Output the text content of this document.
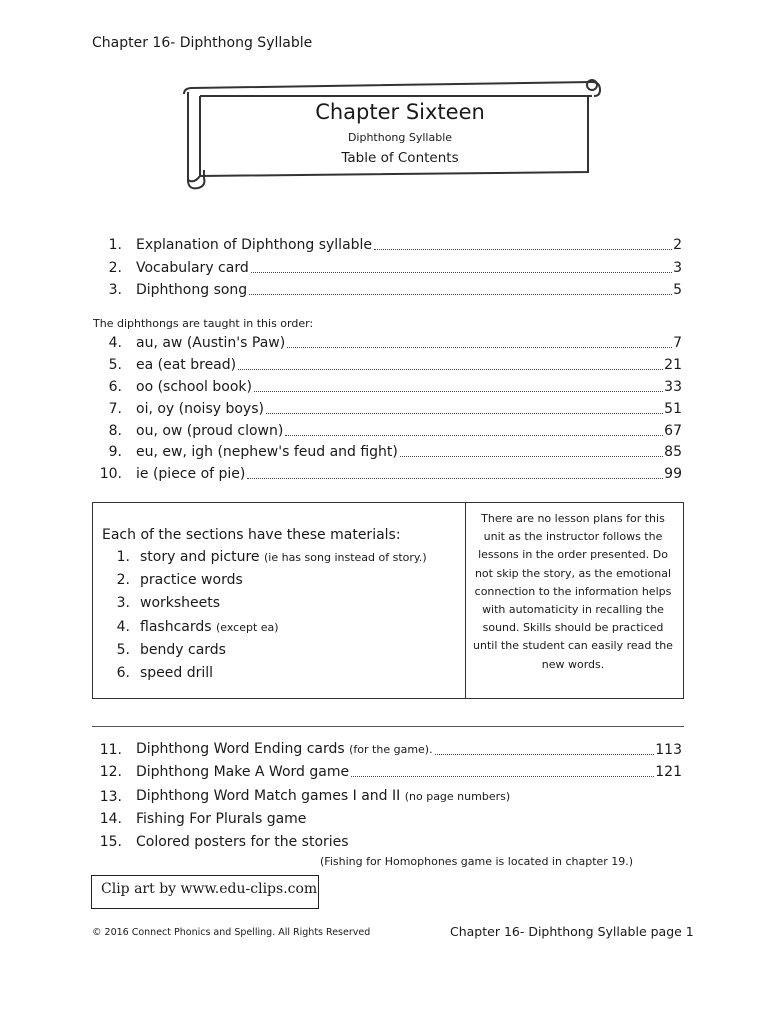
Chapter 16- Diphthong Syllable
Chapter Sixteen
Diphthong Syllable
Table of Contents
1. Explanation of Diphthong syllable	2
2. Vocabulary card	3
3. Diphthong song	5
The diphthongs are taught in this order:
4. au, aw (Austin's Paw)	7
5. ea (eat bread)	21
6. oo (school book)	33
7. oi, oy (noisy boys)	51
8. ou, ow (proud clown)	67
9. eu, ew, igh (nephew's feud and fight)	85
10. ie (piece of pie)	99
Each of the sections have these materials:
1. story and picture (ie has song instead of story.)
2. practice words
3. worksheets
4. flashcards (except ea)
5. bendy cards
6. speed drill
There are no lesson plans for this unit as the instructor follows the lessons in the order presented. Do not skip the story, as the emotional connection to the information helps with automaticity in recalling the sound. Skills should be practiced until the student can easily read the new words.
11. Diphthong Word Ending cards (for the game).	113
12. Diphthong Make A Word game	121
13. Diphthong Word Match games I and II (no page numbers)
14. Fishing For Plurals game
15. Colored posters for the stories
(Fishing for Homophones game is located in chapter 19.)
Clip art by www.edu-clips.com
© 2016 Connect Phonics and Spelling. All Rights Reserved	Chapter 16- Diphthong Syllable page 1
